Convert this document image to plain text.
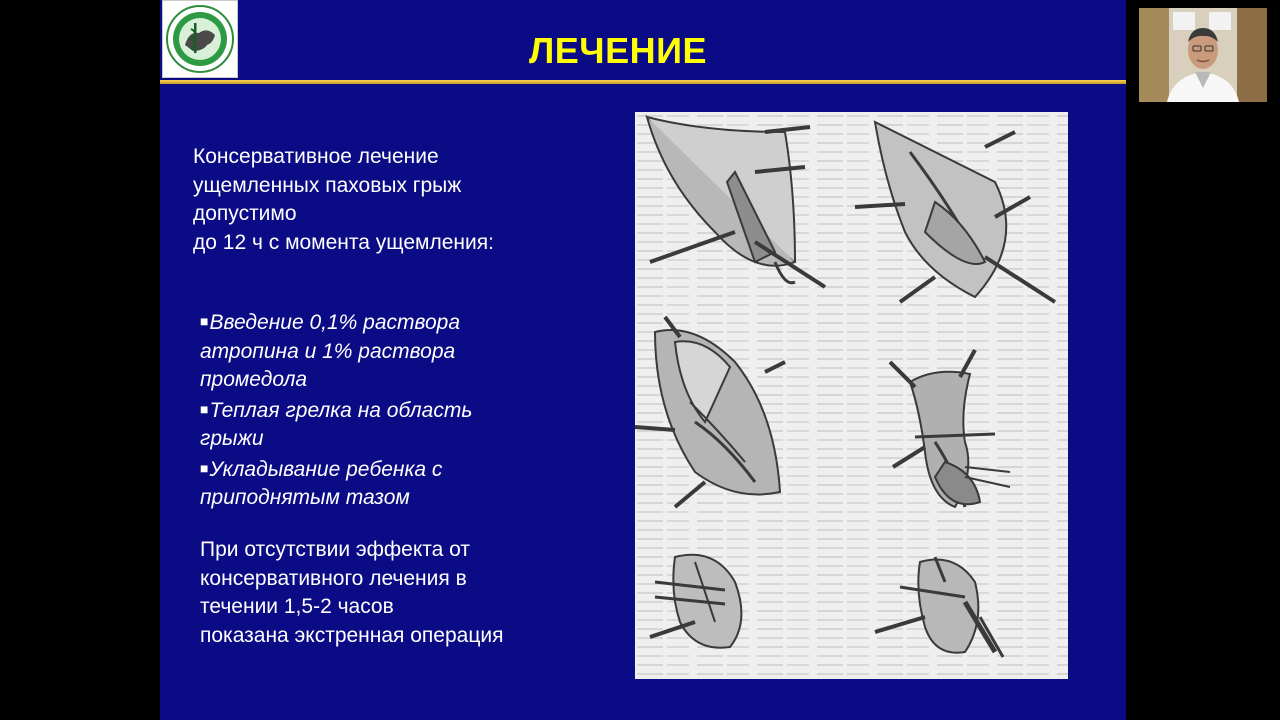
ЛЕЧЕНИЕ
Консервативное лечение
ущемленных паховых грыж
допустимо
до 12 ч с момента ущемления:
■Введение 0,1% раствора
атропина и 1% раствора
промедола
■Теплая грелка на область
грыжи
■Укладывание ребенка с
приподнятым тазом
При отсутствии эффекта от
консервативного лечения в
течении 1,5-2 часов
показана экстренная операция
